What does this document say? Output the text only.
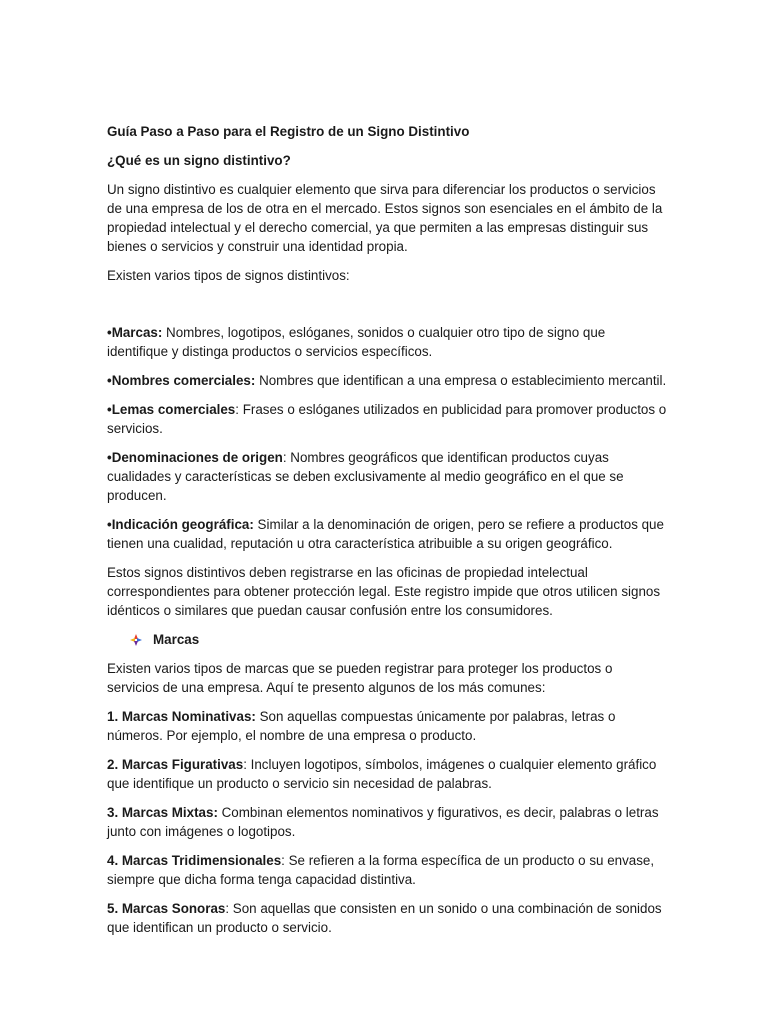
Guía Paso a Paso para el Registro de un Signo Distintivo

¿Qué es un signo distintivo?

Un signo distintivo es cualquier elemento que sirva para diferenciar los productos o servicios de una empresa de los de otra en el mercado. Estos signos son esenciales en el ámbito de la propiedad intelectual y el derecho comercial, ya que permiten a las empresas distinguir sus bienes o servicios y construir una identidad propia.

Existen varios tipos de signos distintivos:

•Marcas: Nombres, logotipos, eslóganes, sonidos o cualquier otro tipo de signo que identifique y distinga productos o servicios específicos.

•Nombres comerciales: Nombres que identifican a una empresa o establecimiento mercantil.

•Lemas comerciales: Frases o eslóganes utilizados en publicidad para promover productos o servicios.

•Denominaciones de origen: Nombres geográficos que identifican productos cuyas cualidades y características se deben exclusivamente al medio geográfico en el que se producen.

•Indicación geográfica: Similar a la denominación de origen, pero se refiere a productos que tienen una cualidad, reputación u otra característica atribuible a su origen geográfico.

Estos signos distintivos deben registrarse en las oficinas de propiedad intelectual correspondientes para obtener protección legal. Este registro impide que otros utilicen signos idénticos o similares que puedan causar confusión entre los consumidores.

Marcas

Existen varios tipos de marcas que se pueden registrar para proteger los productos o servicios de una empresa. Aquí te presento algunos de los más comunes:

1. Marcas Nominativas: Son aquellas compuestas únicamente por palabras, letras o números. Por ejemplo, el nombre de una empresa o producto.

2. Marcas Figurativas: Incluyen logotipos, símbolos, imágenes o cualquier elemento gráfico que identifique un producto o servicio sin necesidad de palabras.

3. Marcas Mixtas: Combinan elementos nominativos y figurativos, es decir, palabras o letras junto con imágenes o logotipos.

4. Marcas Tridimensionales: Se refieren a la forma específica de un producto o su envase, siempre que dicha forma tenga capacidad distintiva.

5. Marcas Sonoras: Son aquellas que consisten en un sonido o una combinación de sonidos que identifican un producto o servicio.
